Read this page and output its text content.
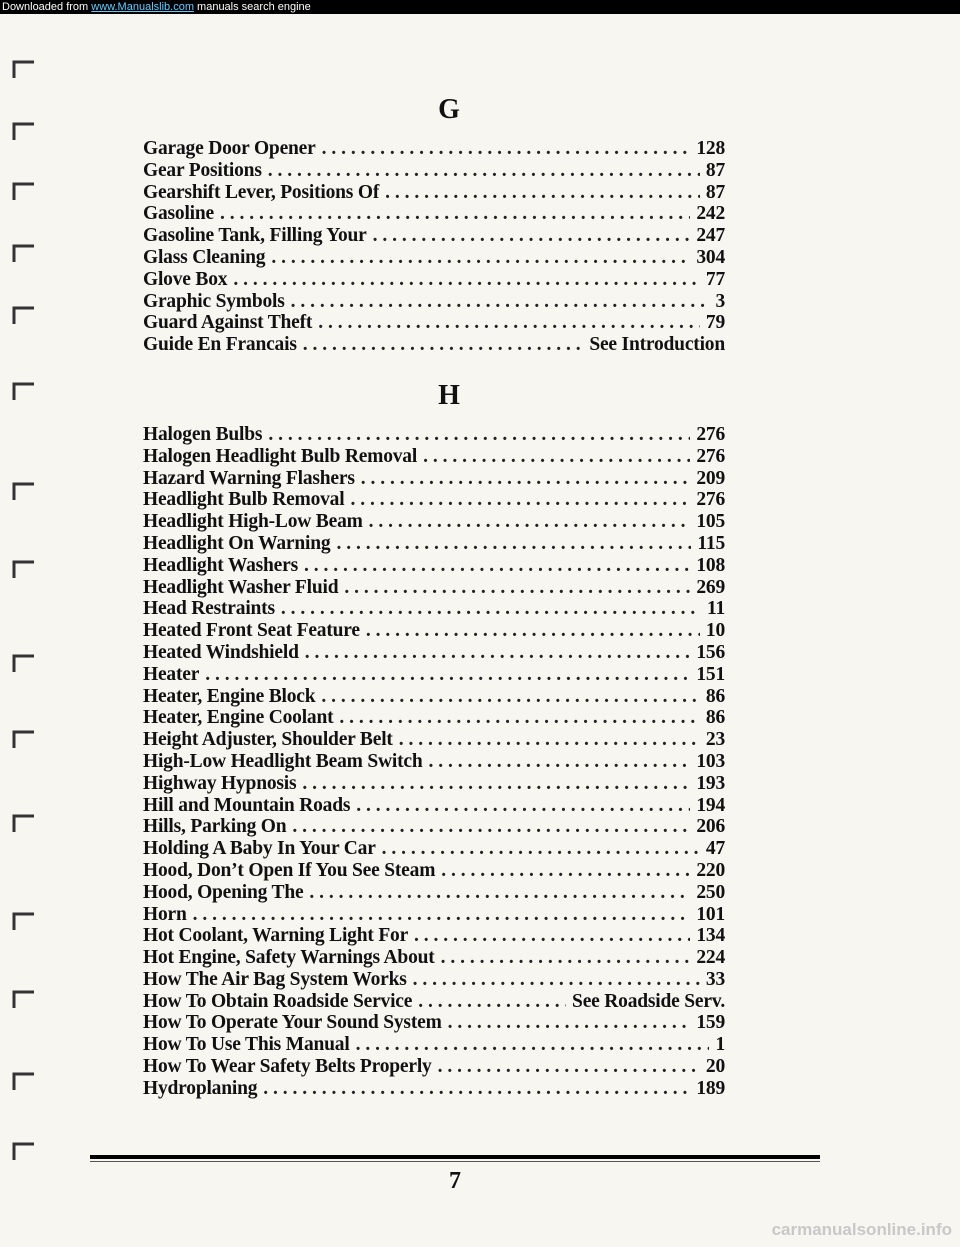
G
Garage Door Opener . . .	128
Gear Positions . . .	87
Gearshift Lever, Positions Of . . .	87
Gasoline . . .	242
Gasoline Tank, Filling Your . . .	247
Glass Cleaning . . .	304
Glove Box . . .	77
Graphic Symbols . . .	3
Guard Against Theft . . .	79
Guide En Francais . . .	See Introduction
H
Halogen Bulbs . . .	276
Halogen Headlight Bulb Removal . . .	276
Hazard Warning Flashers . . .	209
Headlight Bulb Removal . . .	276
Headlight High-Low Beam . . .	105
Headlight On Warning . . .	115
Headlight Washers . . .	108
Headlight Washer Fluid . . .	269
Head Restraints . . .	11
Heated Front Seat Feature . . .	10
Heated Windshield . . .	156
Heater . . .	151
Heater, Engine Block . . .	86
Heater, Engine Coolant . . .	86
Height Adjuster, Shoulder Belt . . .	23
High-Low Headlight Beam Switch . . .	103
Highway Hypnosis . . .	193
Hill and Mountain Roads . . .	194
Hills, Parking On . . .	206
Holding A Baby In Your Car . . .	47
Hood, Don’t Open If You See Steam . . .	220
Hood, Opening The . . .	250
Horn . . .	101
Hot Coolant, Warning Light For . . .	134
Hot Engine, Safety Warnings About . . .	224
How The Air Bag System Works . . .	33
How To Obtain Roadside Service . . .	See Roadside Serv.
How To Operate Your Sound System . . .	159
How To Use This Manual . . .	1
How To Wear Safety Belts Properly . . .	20
Hydroplaning . . .	189
7
Downloaded from www.Manualslib.com manuals search engine
carmanualsonline.info
